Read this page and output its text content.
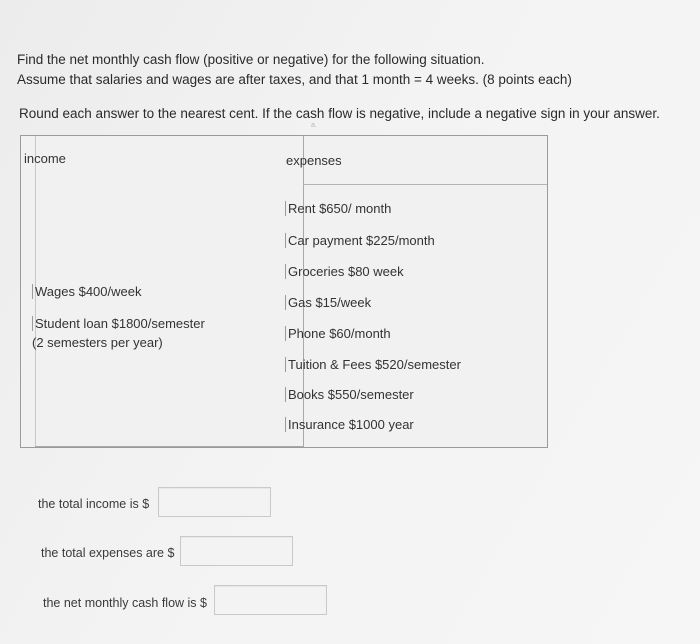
Find the net monthly cash flow (positive or negative) for the following situation.
Assume that salaries and wages are after taxes, and that 1 month = 4 weeks. (8 points each)
Round each answer to the nearest cent. If the cash flow is negative, include a negative sign in your answer.
a.
income	expenses
Wages $400/week
Student loan $1800/semester
(2 semesters per year)
Rent $650/ month
Car payment $225/month
Groceries $80 week
Gas $15/week
Phone $60/month
Tuition & Fees $520/semester
Books $550/semester
Insurance $1000 year
the total income is $
the total expenses are $
the net monthly cash flow is $
